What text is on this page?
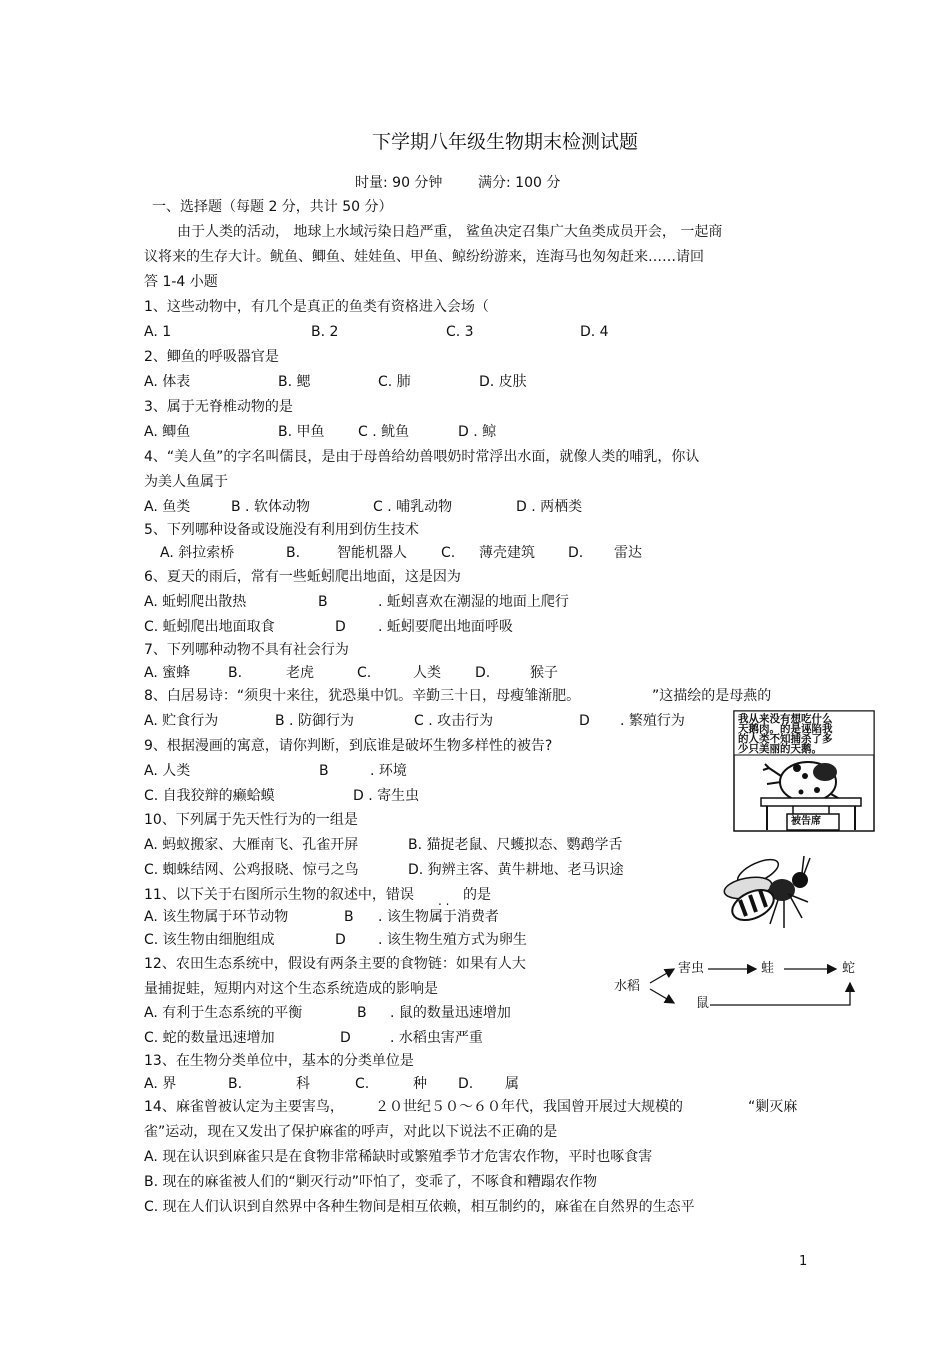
下学期八年级生物期末检测试题
时量: 90 分钟	满分: 100 分
一、选择题（每题 2 分，共计 50 分）
由于人类的活动， 地球上水域污染日趋严重， 鲨鱼决定召集广大鱼类成员开会， 一起商
议将来的生存大计。鱿鱼、鲫鱼、娃娃鱼、甲鱼、鲸纷纷游来，连海马也匆匆赶来……请回
答 1-4 小题
1、这些动物中，有几个是真正的鱼类有资格进入会场（
A. 1	B. 2	C. 3	D. 4
2、鲫鱼的呼吸器官是
A. 体表	B. 鳃	C. 肺	D. 皮肤
3、属于无脊椎动物的是
A. 鲫鱼	B. 甲鱼 C . 鱿鱼	D . 鲸
4、“美人鱼”的字名叫儒艮，是由于母兽给幼兽喂奶时常浮出水面，就像人类的哺乳，你认
为美人鱼属于
A. 鱼类	B . 软体动物	C . 哺乳动物	D . 两栖类
5、下列哪种设备或设施没有利用到仿生技术
A. 斜拉索桥	B.	智能机器人 C. 薄壳建筑 D. 雷达
6、夏天的雨后，常有一些蚯蚓爬出地面，这是因为
A. 蚯蚓爬出散热	B	. 蚯蚓喜欢在潮湿的地面上爬行
C. 蚯蚓爬出地面取食	D . 蚯蚓要爬出地面呼吸
7、下列哪种动物不具有社会行为
A. 蜜蜂	B.	老虎	C.	人类 D.	猴子
8、白居易诗：“须臾十来往，犹恐巢中饥。辛勤三十日，母瘦雏渐肥。	”这描绘的是母燕的
A. 贮食行为	B . 防御行为	C . 攻击行为	D . 繁殖行为
9、根据漫画的寓意，请你判断，到底谁是破坏生物多样性的被告?
A. 人类	B	. 环境
C. 自我狡辩的癞蛤蟆	D . 寄生虫
10、下列属于先天性行为的一组是
A. 蚂蚁搬家、大雁南飞、孔雀开屏	B. 猫捉老鼠、尺蠖拟态、鹦鹉学舌
C. 蜘蛛结网、公鸡报晓、惊弓之鸟	D. 狗辨主客、黄牛耕地、老马识途
11、以下关于右图所示生物的叙述中，错误 . . 的是
A. 该生物属于环节动物	B . 该生物属于消费者
C. 该生物由细胞组成	D . 该生物生殖方式为卵生
12、农田生态系统中，假设有两条主要的食物链：如果有人大
量捕捉蛙，短期内对这个生态系统造成的影响是
A. 有利于生态系统的平衡	B . 鼠的数量迅速增加
C. 蛇的数量迅速增加	D	. 水稻虫害严重
13、在生物分类单位中，基本的分类单位是
A. 界	B.	科	C.	种 D. 属
14、麻雀曾被认定为主要害鸟， ２０世纪５０～６０年代，我国曾开展过大规模的	“剿灭麻
雀”运动，现在又发出了保护麻雀的呼声，对此以下说法不正确的是
A. 现在认识到麻雀只是在食物非常稀缺时或繁殖季节才危害农作物，平时也啄食害
B. 现在的麻雀被人们的“剿灭行动”吓怕了，变乖了，不啄食和糟蹋农作物
C. 现在人们认识到自然界中各种生物间是相互依赖，相互制约的，麻雀在自然界的生态平
1
我从来没有想吃什么
天鹅肉。的是诬陷我
的人类不知捕杀了多
少只美丽的天鹅。
被告席
水稻
害虫	蛙	蛇
鼠
